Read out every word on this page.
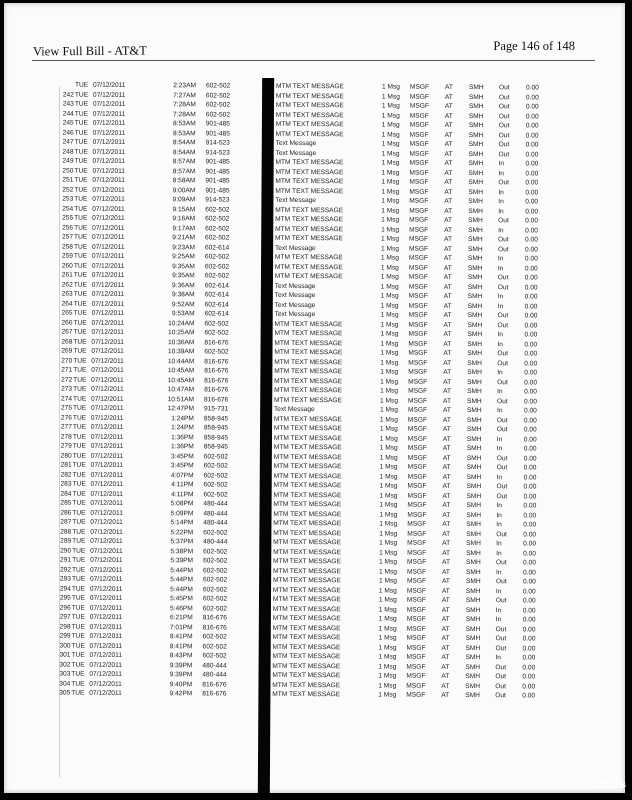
View Full Bill - AT&T	Page 146 of 148
TUE 07/12/2011	2:23AM 602-502	MTM TEXT MESSAGE	1 Msg MSGF AT SMH Out 0.00
242 TUE 07/12/2011	7:27AM 602-502	MTM TEXT MESSAGE	1 Msg MSGF AT SMH Out 0.00
243 TUE 07/12/2011	7:28AM 602-502	MTM TEXT MESSAGE	1 Msg MSGF AT SMH Out 0.00
244 TUE 07/12/2011	7:28AM 602-502	MTM TEXT MESSAGE	1 Msg MSGF AT SMH Out 0.00
245 TUE 07/12/2011	8:53AM 901-485	MTM TEXT MESSAGE	1 Msg MSGF AT SMH Out 0.00
246 TUE 07/12/2011	8:53AM 901-485	MTM TEXT MESSAGE	1 Msg MSGF AT SMH Out 0.00
247 TUE 07/12/2011	8:54AM 914-523	Text Message	1 Msg MSGF AT SMH Out 0.00
248 TUE 07/12/2011	8:54AM 914-523	Text Message	1 Msg MSGF AT SMH Out 0.00
249 TUE 07/12/2011	8:57AM 901-485	MTM TEXT MESSAGE	1 Msg MSGF AT SMH In	0.00
250 TUE 07/12/2011	8:57AM 901-485	MTM TEXT MESSAGE	1 Msg MSGF AT SMH In	0.00
251 TUE 07/12/2011	8:58AM 901-485	MTM TEXT MESSAGE	1 Msg MSGF AT SMH Out 0.00
252 TUE 07/12/2011	9:00AM 901-485	MTM TEXT MESSAGE	1 Msg MSGF AT SMH In	0.00
253 TUE 07/12/2011	9:09AM 914-523	Text Message	1 Msg MSGF AT SMH In	0.00
254 TUE 07/12/2011	9:15AM 602-502	MTM TEXT MESSAGE	1 Msg MSGF AT SMH In	0.00
255 TUE 07/12/2011	9:16AM 602-502	MTM TEXT MESSAGE	1 Msg MSGF AT SMH Out 0.00
256 TUE 07/12/2011	9:17AM 602-502	MTM TEXT MESSAGE	1 Msg MSGF AT SMH In	0.00
257 TUE 07/12/2011	9:21AM 602-502	MTM TEXT MESSAGE	1 Msg MSGF AT SMH Out 0.00
258 TUE 07/12/2011	9:23AM 602-614	Text Message	1 Msg MSGF AT SMH Out 0.00
259 TUE 07/12/2011	9:25AM 602-502	MTM TEXT MESSAGE	1 Msg MSGF AT SMH In	0.00
260 TUE 07/12/2011	9:35AM 602-502	MTM TEXT MESSAGE	1 Msg MSGF AT SMH In	0.00
261 TUE 07/12/2011	9:35AM 602-502	MTM TEXT MESSAGE	1 Msg MSGF AT SMH Out 0.00
262 TUE 07/12/2011	9:36AM 602-614	Text Message	1 Msg MSGF AT SMH Out 0.00
263 TUE 07/12/2011	9:38AM 602-614	Text Message	1 Msg MSGF AT SMH In	0.00
264 TUE 07/12/2011	9:52AM 602-614	Text Message	1 Msg MSGF AT SMH In	0.00
265 TUE 07/12/2011	9:53AM 602-614	Text Message	1 Msg MSGF AT SMH Out 0.00
266 TUE 07/12/2011	10:24AM 602-502	MTM TEXT MESSAGE	1 Msg MSGF AT SMH Out 0.00
267 TUE 07/12/2011	10:25AM 602-502	MTM TEXT MESSAGE	1 Msg MSGF AT SMH In	0.00
268 TUE 07/12/2011	10:36AM 816-676	MTM TEXT MESSAGE	1 Msg MSGF AT SMH In	0.00
269 TUE 07/12/2011	10:39AM 602-502	MTM TEXT MESSAGE	1 Msg MSGF AT SMH Out 0.00
270 TUE 07/12/2011	10:44AM 816-676	MTM TEXT MESSAGE	1 Msg MSGF AT SMH Out 0.00
271 TUE 07/12/2011	10:45AM 816-676	MTM TEXT MESSAGE	1 Msg MSGF AT SMH In	0.00
272 TUE 07/12/2011	10:45AM 816-676	MTM TEXT MESSAGE	1 Msg MSGF AT SMH Out 0.00
273 TUE 07/12/2011	10:47AM 816-676	MTM TEXT MESSAGE	1 Msg MSGF AT SMH In	0.00
274 TUE 07/12/2011	10:51AM 816-676	MTM TEXT MESSAGE	1 Msg MSGF AT SMH Out 0.00
275 TUE 07/12/2011	12:47PM 915-731	Text Message	1 Msg MSGF AT SMH In	0.00
276 TUE 07/12/2011	1:24PM 858-945	MTM TEXT MESSAGE	1 Msg MSGF AT SMH Out 0.00
277 TUE 07/12/2011	1:24PM 858-945	MTM TEXT MESSAGE	1 Msg MSGF AT SMH Out 0.00
278 TUE 07/12/2011	1:36PM 858-945	MTM TEXT MESSAGE	1 Msg MSGF AT SMH In	0.00
279 TUE 07/12/2011	1:36PM 858-945	MTM TEXT MESSAGE	1 Msg MSGF AT SMH In	0.00
280 TUE 07/12/2011	3:45PM 602-502	MTM TEXT MESSAGE	1 Msg MSGF AT SMH Out 0.00
281 TUE 07/12/2011	3:45PM 602-502	MTM TEXT MESSAGE	1 Msg MSGF AT SMH Out 0.00
282 TUE 07/12/2011	4:07PM 602-502	MTM TEXT MESSAGE	1 Msg MSGF AT SMH In	0.00
283 TUE 07/12/2011	4:11PM 602-502	MTM TEXT MESSAGE	1 Msg MSGF AT SMH Out 0.00
284 TUE 07/12/2011	4:11PM 602-502	MTM TEXT MESSAGE	1 Msg MSGF AT SMH Out 0.00
285 TUE 07/12/2011	5:08PM 480-444	MTM TEXT MESSAGE	1 Msg MSGF AT SMH In	0.00
286 TUE 07/12/2011	5:09PM 480-444	MTM TEXT MESSAGE	1 Msg MSGF AT SMH In	0.00
287 TUE 07/12/2011	5:14PM 480-444	MTM TEXT MESSAGE	1 Msg MSGF AT SMH In	0.00
288 TUE 07/12/2011	5:22PM 602-502	MTM TEXT MESSAGE	1 Msg MSGF AT SMH Out 0.00
289 TUE 07/12/2011	5:37PM 480-444	MTM TEXT MESSAGE	1 Msg MSGF AT SMH In	0.00
290 TUE 07/12/2011	5:38PM 602-502	MTM TEXT MESSAGE	1 Msg MSGF AT SMH In	0.00
291 TUE 07/12/2011	5:39PM 602-502	MTM TEXT MESSAGE	1 Msg MSGF AT SMH Out 0.00
292 TUE 07/12/2011	5:44PM 602-502	MTM TEXT MESSAGE	1 Msg MSGF AT SMH In	0.00
293 TUE 07/12/2011	5:44PM 602-502	MTM TEXT MESSAGE	1 Msg MSGF AT SMH Out 0.00
294 TUE 07/12/2011	5:44PM 602-502	MTM TEXT MESSAGE	1 Msg MSGF AT SMH In	0.00
295 TUE 07/12/2011	5:45PM 602-502	MTM TEXT MESSAGE	1 Msg MSGF AT SMH Out 0.00
296 TUE 07/12/2011	5:46PM 602-502	MTM TEXT MESSAGE	1 Msg MSGF AT SMH In	0.00
297 TUE 07/12/2011	6:21PM 816-676	MTM TEXT MESSAGE	1 Msg MSGF AT SMH In	0.00
298 TUE 07/12/2011	7:01PM 816-676	MTM TEXT MESSAGE	1 Msg MSGF AT SMH Out 0.00
299 TUE 07/12/2011	8:41PM 602-502	MTM TEXT MESSAGE	1 Msg MSGF AT SMH Out 0.00
300 TUE 07/12/2011	8:41PM 602-502	MTM TEXT MESSAGE	1 Msg MSGF AT SMH Out 0.00
301 TUE 07/12/2011	8:43PM 602-502	MTM TEXT MESSAGE	1 Msg MSGF AT SMH In	0.00
302 TUE 07/12/2011	9:39PM 480-444	MTM TEXT MESSAGE	1 Msg MSGF AT SMH Out 0.00
303 TUE 07/12/2011	9:39PM 480-444	MTM TEXT MESSAGE	1 Msg MSGF AT SMH Out 0.00
304 TUE 07/12/2011	9:40PM 816-676	MTM TEXT MESSAGE	1 Msg MSGF AT SMH Out 0.00
305 TUE 07/12/2011	9:42PM 816-676	MTM TEXT MESSAGE	1 Msg MSGF AT SMH Out 0.00
#tcrs
